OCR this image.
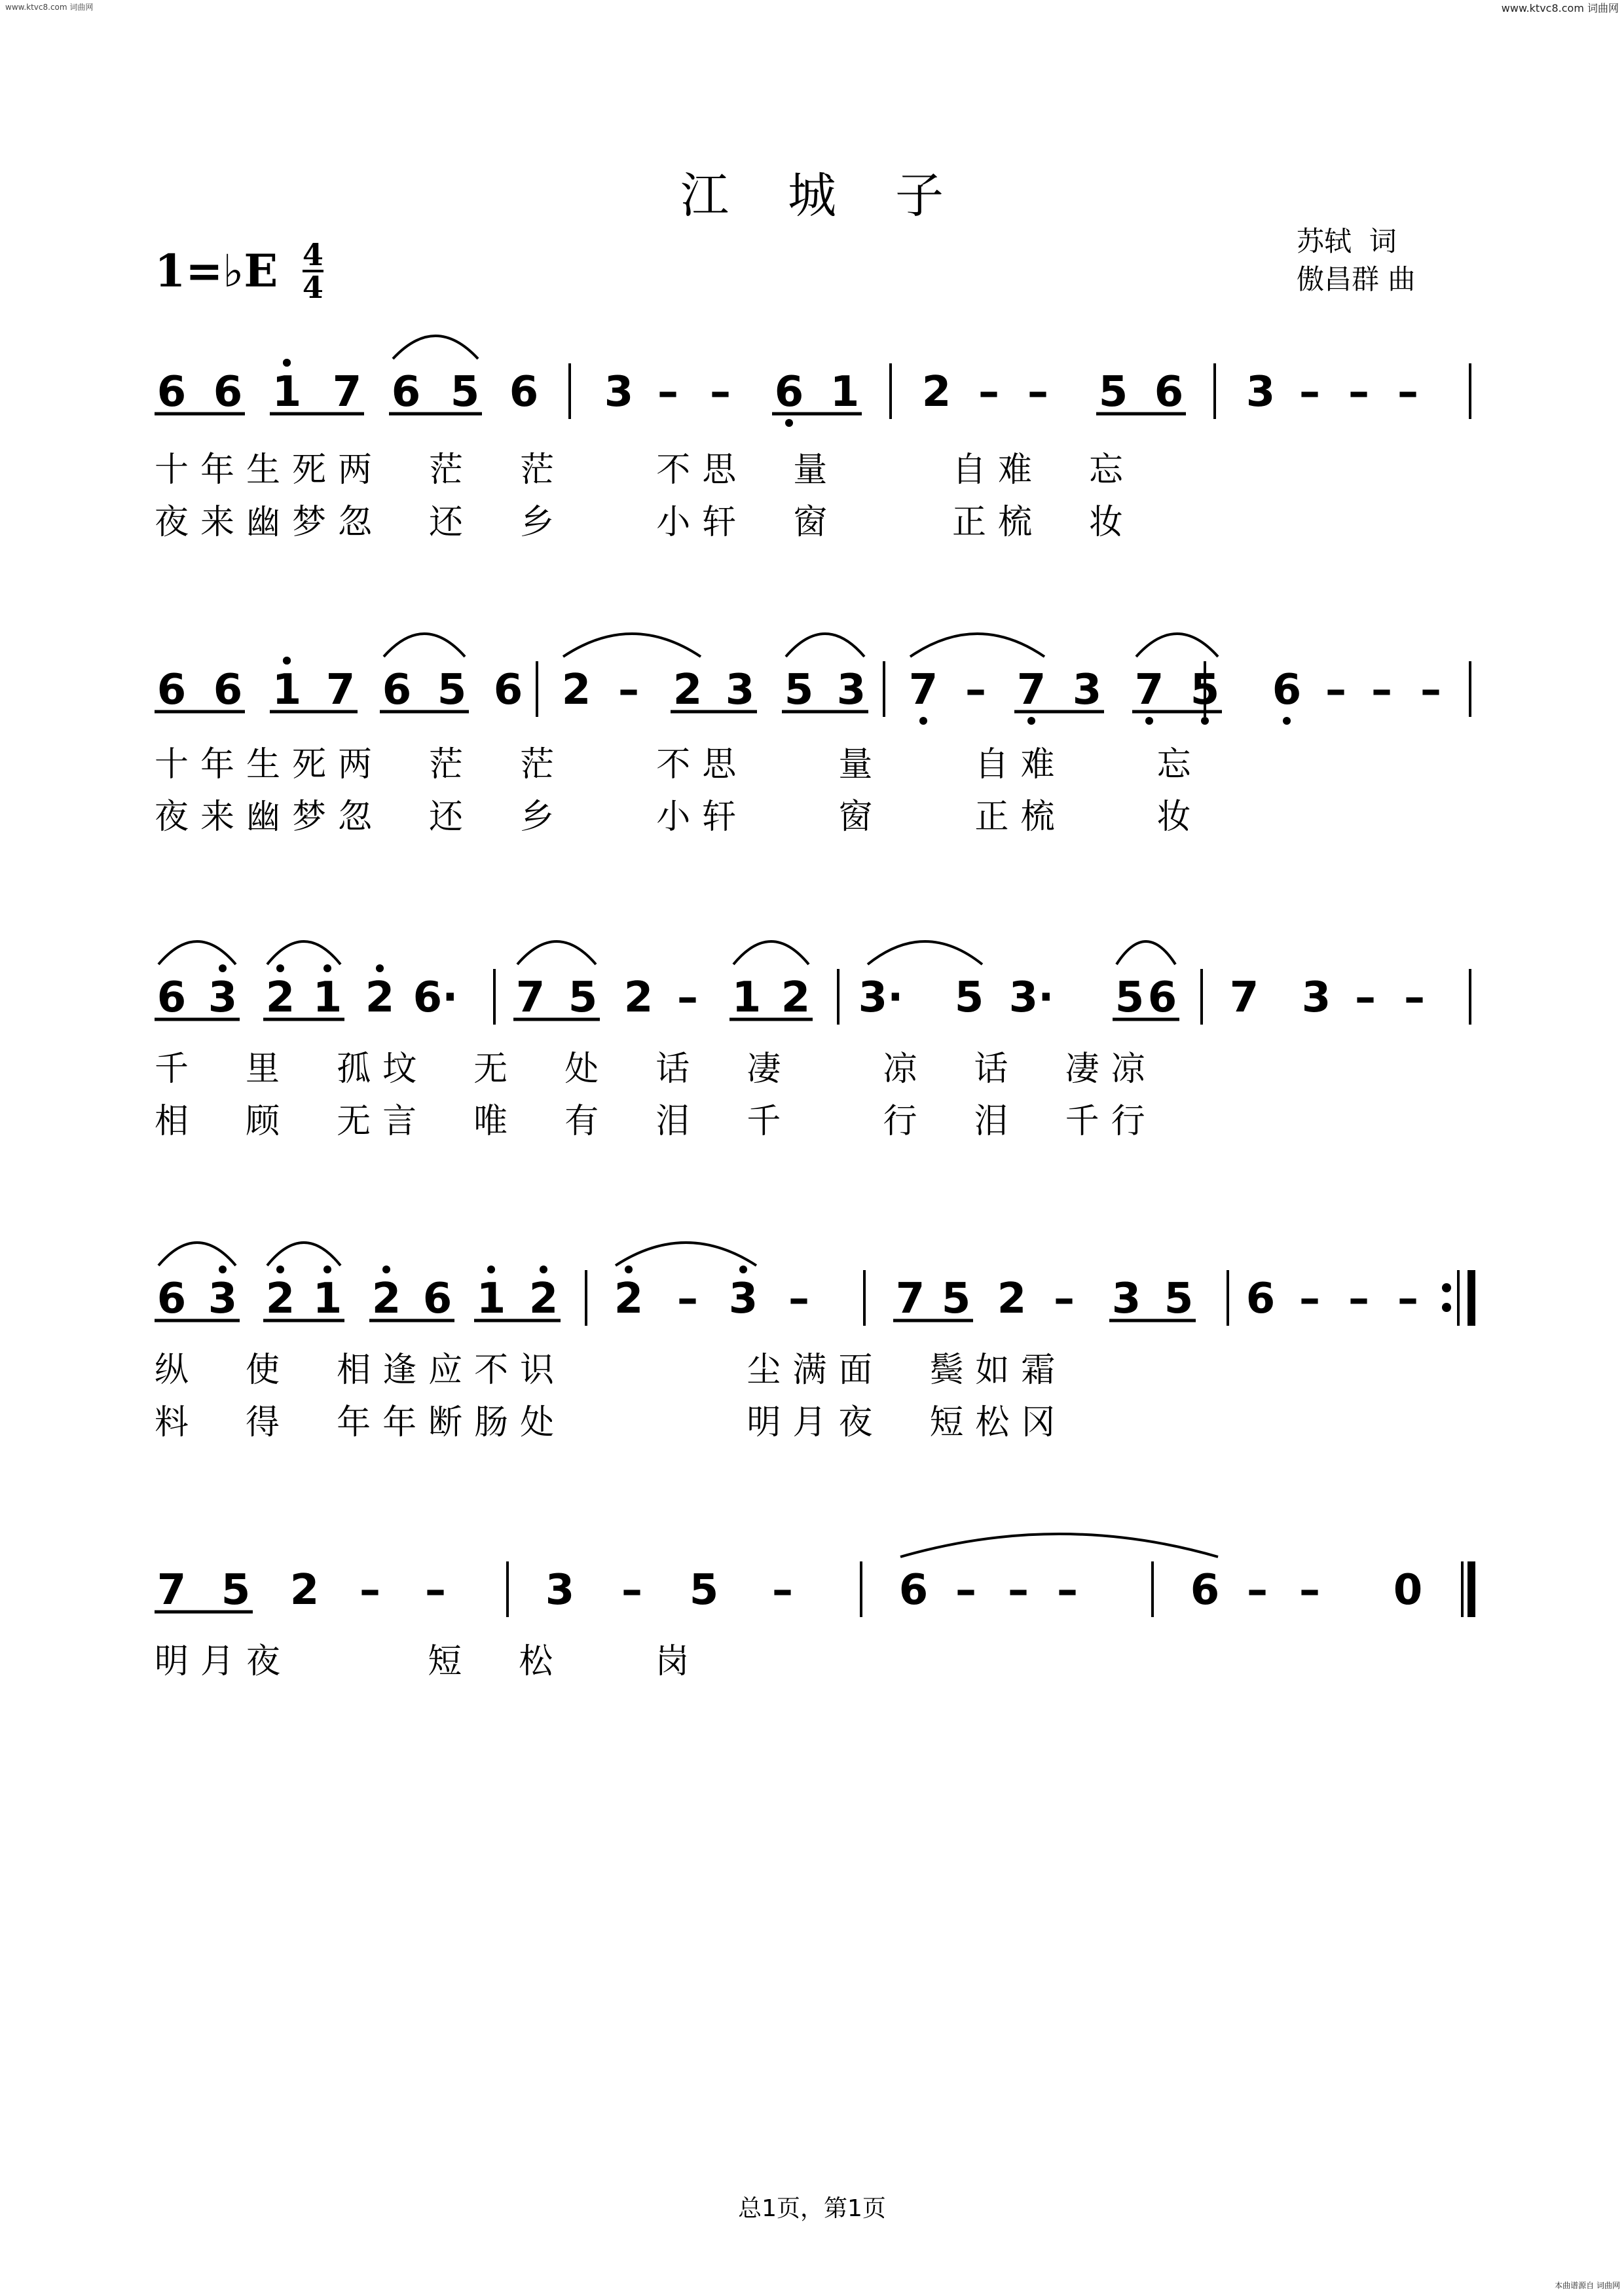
www.ktvc8.com 词曲网	www.ktvc8.com 词曲网
江城子
1=♭E $\frac{4}{4}$	苏轼  词
傲昌群 曲
6 6 1 7 6 5 6 3 – – 6 1 2 – – 5 6 3 – – –
十年生死两  茫  茫    不思  量     自难  忘
夜来幽梦忽  还  乡    小轩  窗     正梳  妆
6 6 1 7 6 5 6 2 – 2 3 5 3 7 – 7 3 7 5 6 – – –
十年生死两  茫  茫    不思    量    自难    忘
夜来幽梦忽  还  乡    小轩    窗    正梳    妆
6 3 2 1 2 6· 7 5 2 – 1 2 3· 5 3· 5 6 7 3 – –
千  里  孤坟  无  处  话  凄    凉  话  凄凉
相  顾  无言  唯  有  泪  千    行  泪  千行
6 3 2 1 2 6 1 2 2 – 3 – 7 5 2 – 3 5 6 – – –
纵  使  相逢应不识        尘满面  鬓如霜
料  得  年年断肠处        明月夜  短松冈
7 5 2 – – 3 – 5 –	6 – – –	6 – – 0
明月夜      短  松    岗
总1页，第1页
本曲谱源自 词曲网
